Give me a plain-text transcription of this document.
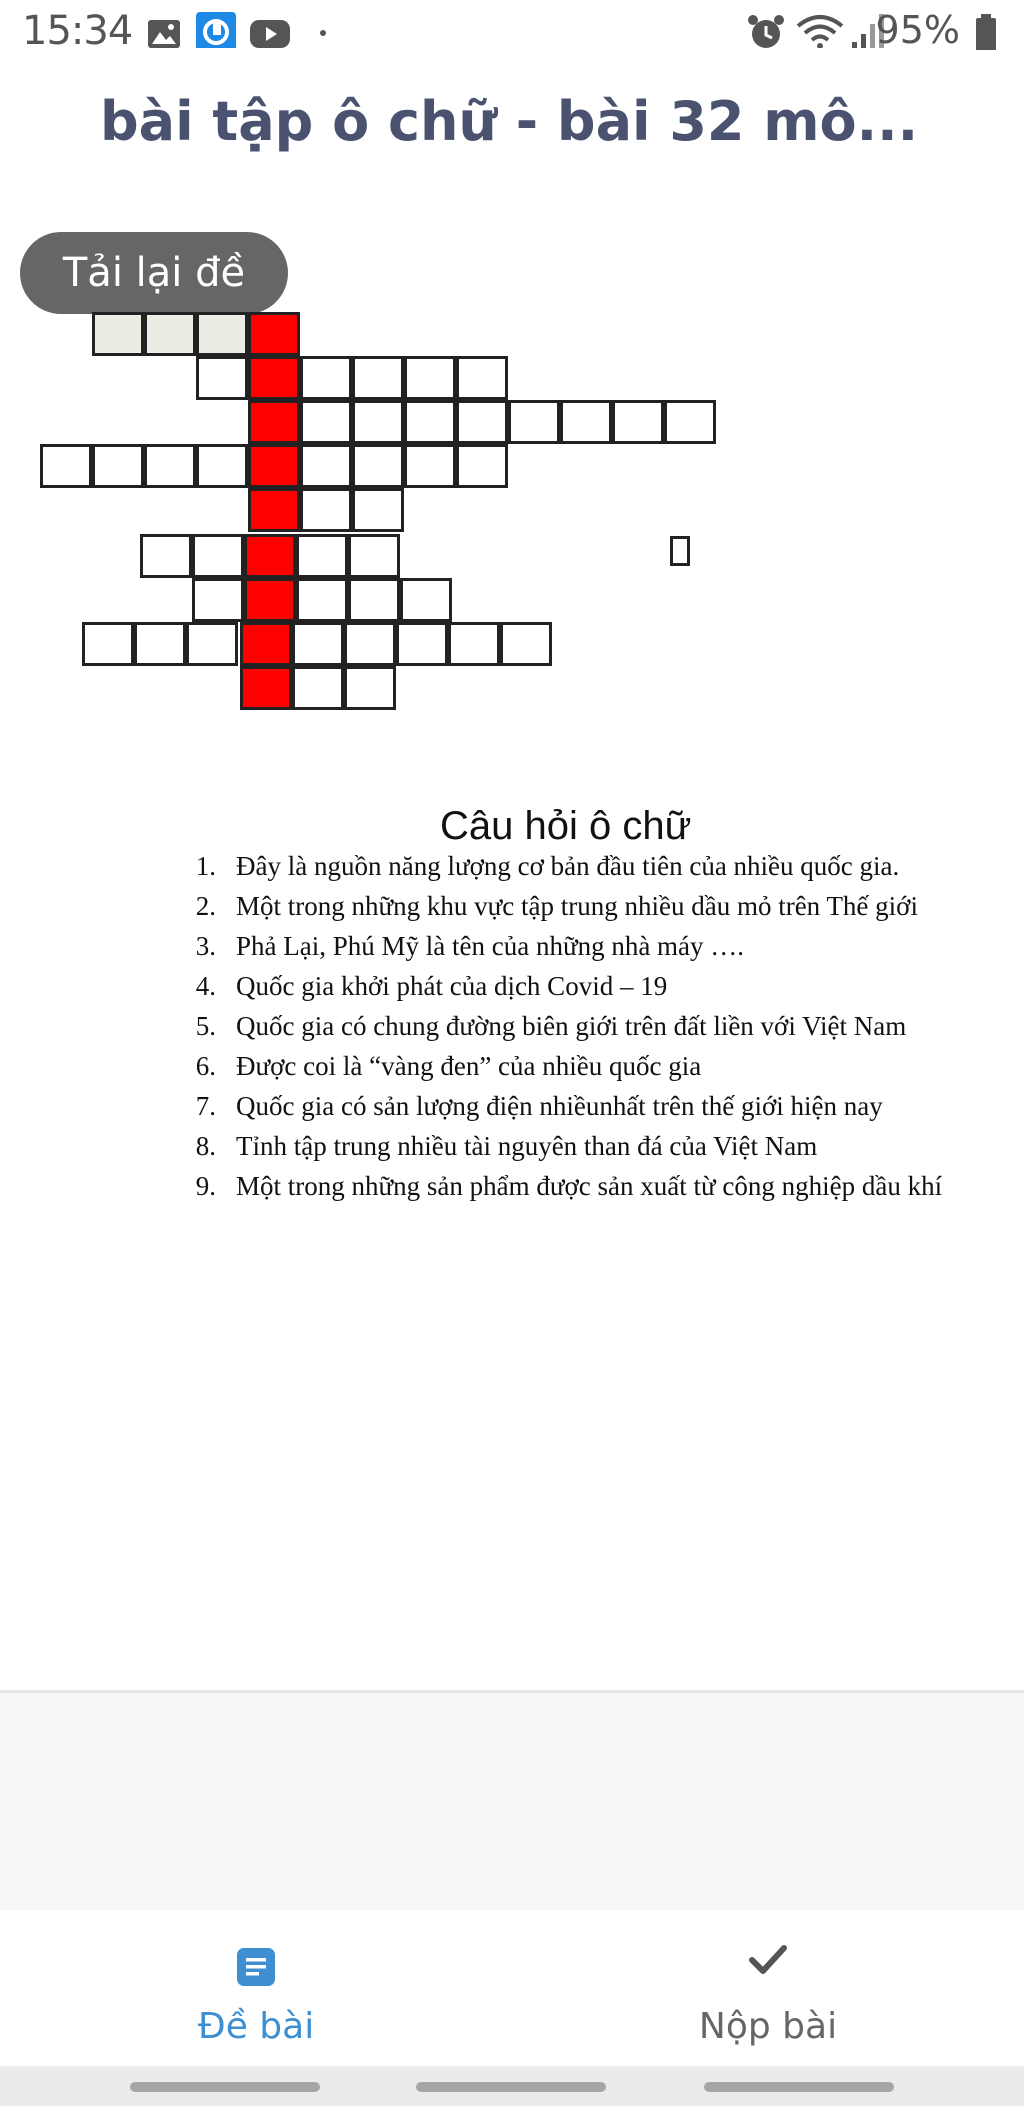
15:34	95%
bài tập ô chữ - bài 32 mô...
Tải lại đề
Câu hỏi ô chữ
1. Đây là nguồn năng lượng cơ bản đầu tiên của nhiều quốc gia.
2. Một trong những khu vực tập trung nhiều dầu mỏ trên Thế giới
3. Phả Lại, Phú Mỹ là tên của những nhà máy ….
4. Quốc gia khởi phát của dịch Covid – 19
5. Quốc gia có chung đường biên giới trên đất liền với Việt Nam
6. Được coi là “vàng đen” của nhiều quốc gia
7. Quốc gia có sản lượng điện nhiềunhất trên thế giới hiện nay
8. Tỉnh tập trung nhiều tài nguyên than đá của Việt Nam
9. Một trong những sản phẩm được sản xuất từ công nghiệp dầu khí
Đề bài	Nộp bài
